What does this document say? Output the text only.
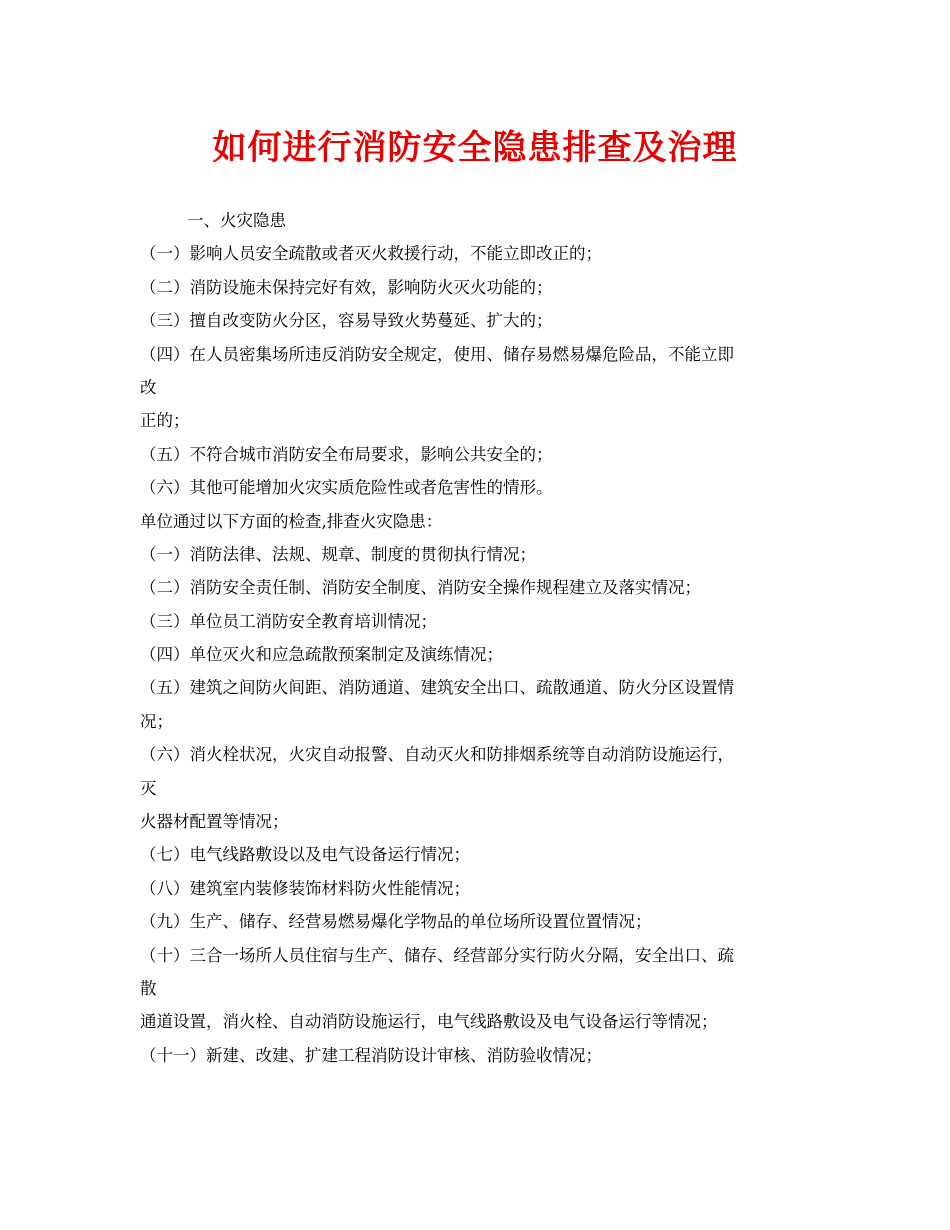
如何进行消防安全隐患排查及治理
一、火灾隐患
（一）影响人员安全疏散或者灭火救援行动，不能立即改正的；
（二）消防设施未保持完好有效，影响防火灭火功能的；
（三）擅自改变防火分区，容易导致火势蔓延、扩大的；
（四）在人员密集场所违反消防安全规定，使用、储存易燃易爆危险品，不能立即
改
正的；
（五）不符合城市消防安全布局要求，影响公共安全的；
（六）其他可能增加火灾实质危险性或者危害性的情形。
单位通过以下方面的检查,排查火灾隐患：
（一）消防法律、法规、规章、制度的贯彻执行情况；
（二）消防安全责任制、消防安全制度、消防安全操作规程建立及落实情况；
（三）单位员工消防安全教育培训情况；
（四）单位灭火和应急疏散预案制定及演练情况；
（五）建筑之间防火间距、消防通道、建筑安全出口、疏散通道、防火分区设置情
况；
（六）消火栓状况，火灾自动报警、自动灭火和防排烟系统等自动消防设施运行，
灭
火器材配置等情况；
（七）电气线路敷设以及电气设备运行情况；
（八）建筑室内装修装饰材料防火性能情况；
（九）生产、储存、经营易燃易爆化学物品的单位场所设置位置情况；
（十）三合一场所人员住宿与生产、储存、经营部分实行防火分隔，安全出口、疏
散
通道设置，消火栓、自动消防设施运行，电气线路敷设及电气设备运行等情况；
（十一）新建、改建、扩建工程消防设计审核、消防验收情况；
